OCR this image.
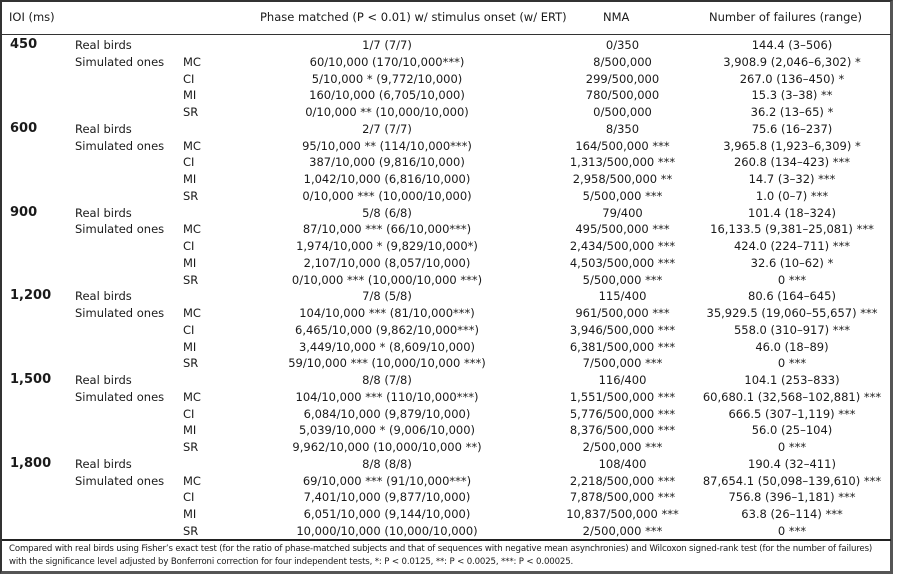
IOI (ms)	Phase matched (P < 0.01) w/ stimulus onset (w/ ERT)	NMA	Number of failures (range)
450	Real birds	1/7 (7/7)	0/350	144.4 (3–506)
Simulated ones MC	60/10,000 (170/10,000***)	8/500,000	3,908.9 (2,046–6,302) *
CI	5/10,000 * (9,772/10,000)	299/500,000	267.0 (136–450) *
MI	160/10,000 (6,705/10,000)	780/500,000	15.3 (3–38) **
SR	0/10,000 ** (10,000/10,000)	0/500,000	36.2 (13–65) *
600	Real birds	2/7 (7/7)	8/350	75.6 (16–237)
Simulated ones MC	95/10,000 ** (114/10,000***)	164/500,000 ***	3,965.8 (1,923–6,309) *
CI	387/10,000 (9,816/10,000)	1,313/500,000 ***	260.8 (134–423) ***
MI	1,042/10,000 (6,816/10,000)	2,958/500,000 **	14.7 (3–32) ***
SR	0/10,000 *** (10,000/10,000)	5/500,000 ***	1.0 (0–7) ***
900	Real birds	5/8 (6/8)	79/400	101.4 (18–324)
Simulated ones MC	87/10,000 *** (66/10,000***)	495/500,000 ***	16,133.5 (9,381–25,081) ***
CI	1,974/10,000 * (9,829/10,000*)	2,434/500,000 ***	424.0 (224–711) ***
MI	2,107/10,000 (8,057/10,000)	4,503/500,000 ***	32.6 (10–62) *
SR	0/10,000 *** (10,000/10,000 ***)	5/500,000 ***	0 ***
1,200 Real birds	7/8 (5/8)	115/400	80.6 (164–645)
Simulated ones MC	104/10,000 *** (81/10,000***)	961/500,000 ***	35,929.5 (19,060–55,657) ***
CI	6,465/10,000 (9,862/10,000***)	3,946/500,000 ***	558.0 (310–917) ***
MI	3,449/10,000 * (8,609/10,000)	6,381/500,000 ***	46.0 (18–89)
SR	59/10,000 *** (10,000/10,000 ***)	7/500,000 ***	0 ***
1,500 Real birds	8/8 (7/8)	116/400	104.1 (253–833)
Simulated ones MC	104/10,000 *** (110/10,000***)	1,551/500,000 ***	60,680.1 (32,568–102,881) ***
CI	6,084/10,000 (9,879/10,000)	5,776/500,000 ***	666.5 (307–1,119) ***
MI	5,039/10,000 * (9,006/10,000)	8,376/500,000 ***	56.0 (25–104)
SR	9,962/10,000 (10,000/10,000 **)	2/500,000 ***	0 ***
1,800 Real birds	8/8 (8/8)	108/400	190.4 (32–411)
Simulated ones MC	69/10,000 *** (91/10,000***)	2,218/500,000 ***	87,654.1 (50,098–139,610) ***
CI	7,401/10,000 (9,877/10,000)	7,878/500,000 ***	756.8 (396–1,181) ***
MI	6,051/10,000 (9,144/10,000)	10,837/500,000 ***	63.8 (26–114) ***
SR	10,000/10,000 (10,000/10,000)	2/500,000 ***	0 ***
Compared with real birds using Fisher’s exact test (for the ratio of phase-matched subjects and that of sequences with negative mean asynchronies) and Wilcoxon signed-rank test (for the number of failures)
with the significance level adjusted by Bonferroni correction for four independent tests, *: P < 0.0125, **: P < 0.0025, ***: P < 0.00025.
